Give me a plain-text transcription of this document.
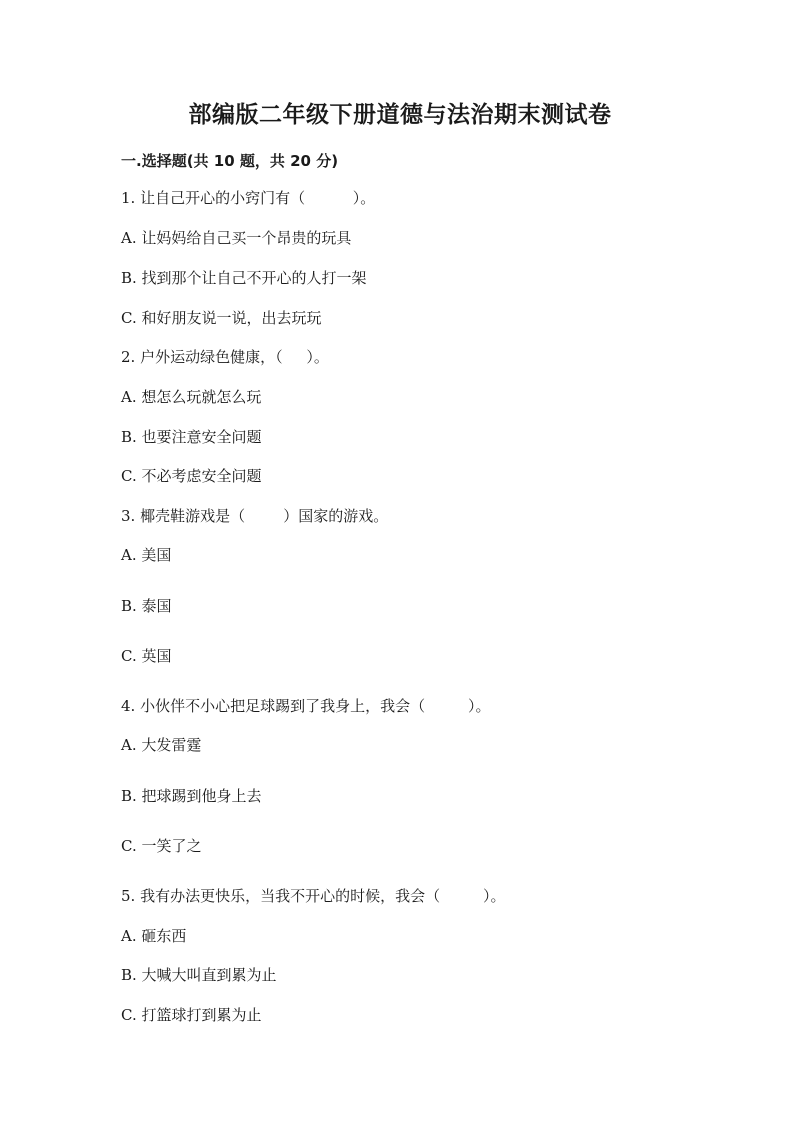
部编版二年级下册道德与法治期末测试卷
一.选择题(共 10 题，共 20 分)

1. 让自己开心的小窍门有（          ）。

A. 让妈妈给自己买一个昂贵的玩具

B. 找到那个让自己不开心的人打一架

C. 和好朋友说一说，出去玩玩

2. 户外运动绿色健康，（     ）。

A. 想怎么玩就怎么玩

B. 也要注意安全问题

C. 不必考虑安全问题

3. 椰壳鞋游戏是（        ）国家的游戏。

A. 美国

B. 泰国

C. 英国

4. 小伙伴不小心把足球踢到了我身上，我会（         ）。

A. 大发雷霆

B. 把球踢到他身上去

C. 一笑了之

5. 我有办法更快乐，当我不开心的时候，我会（         ）。

A. 砸东西

B. 大喊大叫直到累为止

C. 打篮球打到累为止
